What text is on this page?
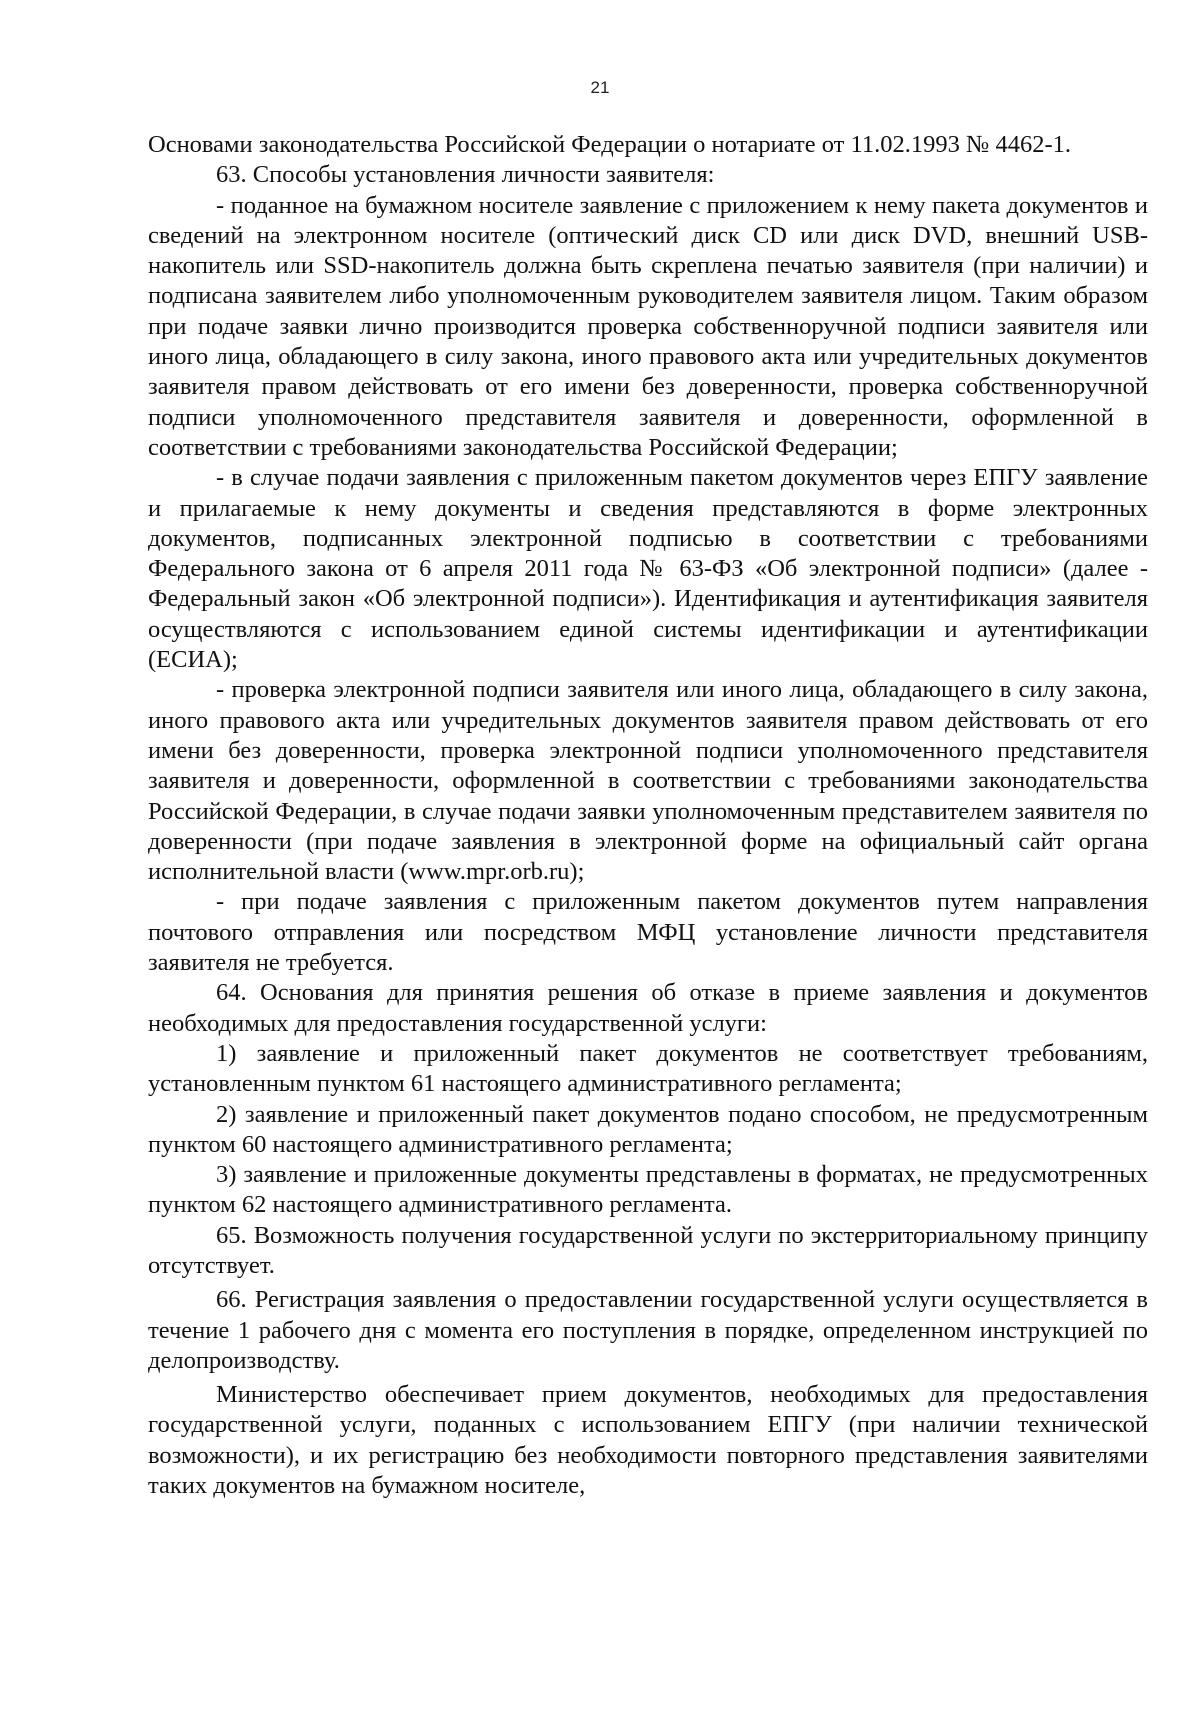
21

Основами законодательства Российской Федерации о нотариате от 11.02.1993 № 4462-1.

63. Способы установления личности заявителя:

- поданное на бумажном носителе заявление с приложением к нему пакета документов и сведений на электронном носителе (оптический диск CD или диск DVD, внешний USB-накопитель или SSD-накопитель должна быть скреплена печатью заявителя (при наличии) и подписана заявителем либо уполномоченным руководителем заявителя лицом. Таким образом при подаче заявки лично производится проверка собственноручной подписи заявителя или иного лица, обладающего в силу закона, иного правового акта или учредительных документов заявителя правом действовать от его имени без доверенности, проверка собственноручной подписи уполномоченного представителя заявителя и доверенности, оформленной в соответствии с требованиями законодательства Российской Федерации;

- в случае подачи заявления с приложенным пакетом документов через ЕПГУ заявление и прилагаемые к нему документы и сведения представляются в форме электронных документов, подписанных электронной подписью в соответствии с требованиями Федерального закона от 6 апреля 2011 года № 63-ФЗ «Об электронной подписи» (далее - Федеральный закон «Об электронной подписи»). Идентификация и аутентификация заявителя осуществляются с использованием единой системы идентификации и аутентификации (ЕСИА);

- проверка электронной подписи заявителя или иного лица, обладающего в силу закона, иного правового акта или учредительных документов заявителя правом действовать от его имени без доверенности, проверка электронной подписи уполномоченного представителя заявителя и доверенности, оформленной в соответствии с требованиями законодательства Российской Федерации, в случае подачи заявки уполномоченным представителем заявителя по доверенности (при подаче заявления в электронной форме на официальный сайт органа исполнительной власти (www.mpr.orb.ru);

- при подаче заявления с приложенным пакетом документов путем направления почтового отправления или посредством МФЦ установление личности представителя заявителя не требуется.

64. Основания для принятия решения об отказе в приеме заявления и документов необходимых для предоставления государственной услуги:

1) заявление и приложенный пакет документов не соответствует требованиям, установленным пунктом 61 настоящего административного регламента;

2) заявление и приложенный пакет документов подано способом, не предусмотренным пунктом 60 настоящего административного регламента;

3) заявление и приложенные документы представлены в форматах, не предусмотренных пунктом 62 настоящего административного регламента.

65. Возможность получения государственной услуги по экстерриториальному принципу отсутствует.

66. Регистрация заявления о предоставлении государственной услуги осуществляется в течение 1 рабочего дня с момента его поступления в порядке, определенном инструкцией по делопроизводству.

Министерство обеспечивает прием документов, необходимых для предоставления государственной услуги, поданных с использованием ЕПГУ (при наличии технической возможности), и их регистрацию без необходимости повторного представления заявителями таких документов на бумажном носителе,
